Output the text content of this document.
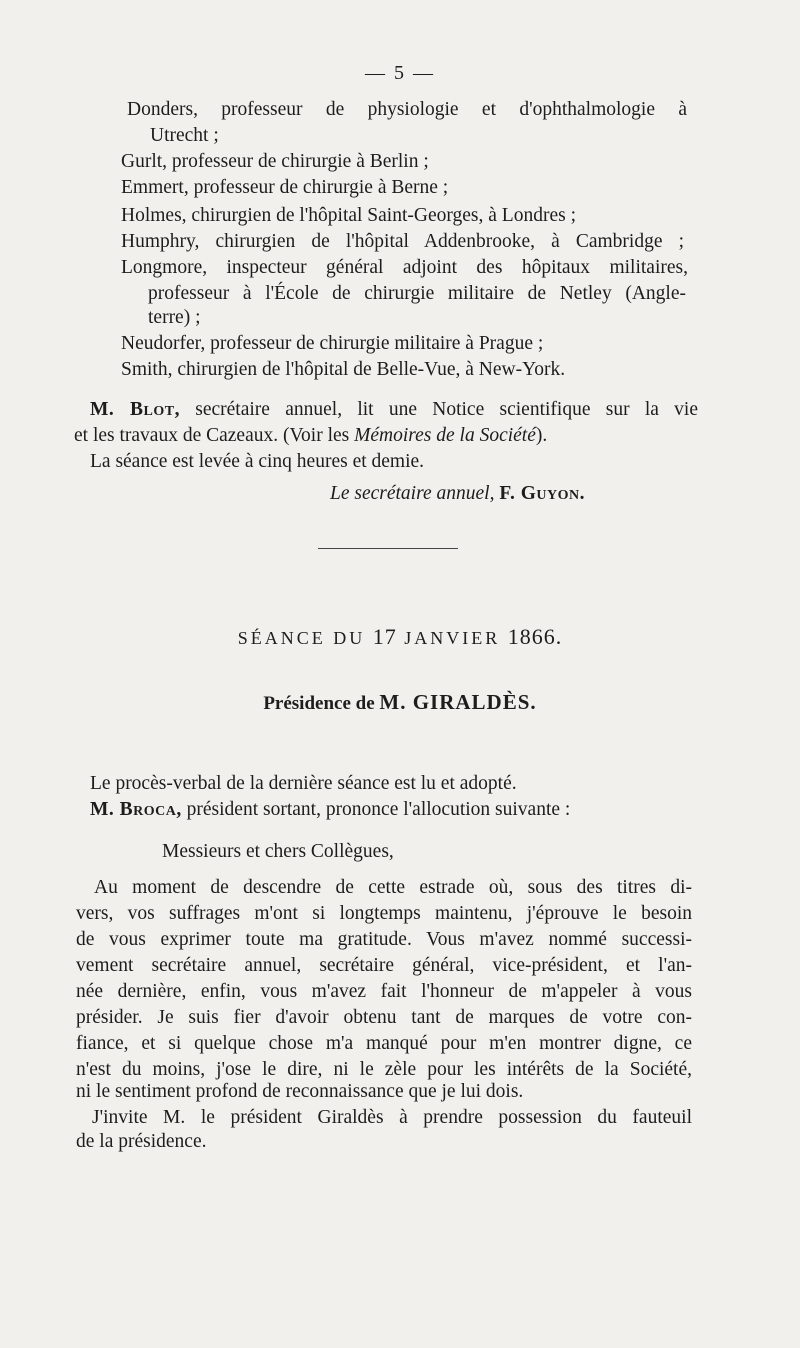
— 5 —
Donders, professeur de physiologie et d'ophthalmologie à
Utrecht ;
Gurlt, professeur de chirurgie à Berlin ;
Emmert, professeur de chirurgie à Berne ;
Holmes, chirurgien de l'hôpital Saint-Georges, à Londres ;
Humphry, chirurgien de l'hôpital Addenbrooke, à Cambridge ;
Longmore, inspecteur général adjoint des hôpitaux militaires,
professeur à l'École de chirurgie militaire de Netley (Angle-
terre) ;
Neudorfer, professeur de chirurgie militaire à Prague ;
Smith, chirurgien de l'hôpital de Belle-Vue, à New-York.
M. Blot, secrétaire annuel, lit une Notice scientifique sur la vie
et les travaux de Cazeaux. (Voir les Mémoires de la Société).
La séance est levée à cinq heures et demie.
Le secrétaire annuel, F. Guyon.
SÉANCE DU 17 JANVIER 1866.
Présidence de M. GIRALDÈS.
Le procès-verbal de la dernière séance est lu et adopté.
M. Broca, président sortant, prononce l'allocution suivante :
Messieurs et chers Collègues,
Au moment de descendre de cette estrade où, sous des titres di-
vers, vos suffrages m'ont si longtemps maintenu, j'éprouve le besoin
de vous exprimer toute ma gratitude. Vous m'avez nommé successi-
vement secrétaire annuel, secrétaire général, vice-président, et l'an-
née dernière, enfin, vous m'avez fait l'honneur de m'appeler à vous
présider. Je suis fier d'avoir obtenu tant de marques de votre con-
fiance, et si quelque chose m'a manqué pour m'en montrer digne, ce
n'est du moins, j'ose le dire, ni le zèle pour les intérêts de la Société,
ni le sentiment profond de reconnaissance que je lui dois.
J'invite M. le président Giraldès à prendre possession du fauteuil
de la présidence.
